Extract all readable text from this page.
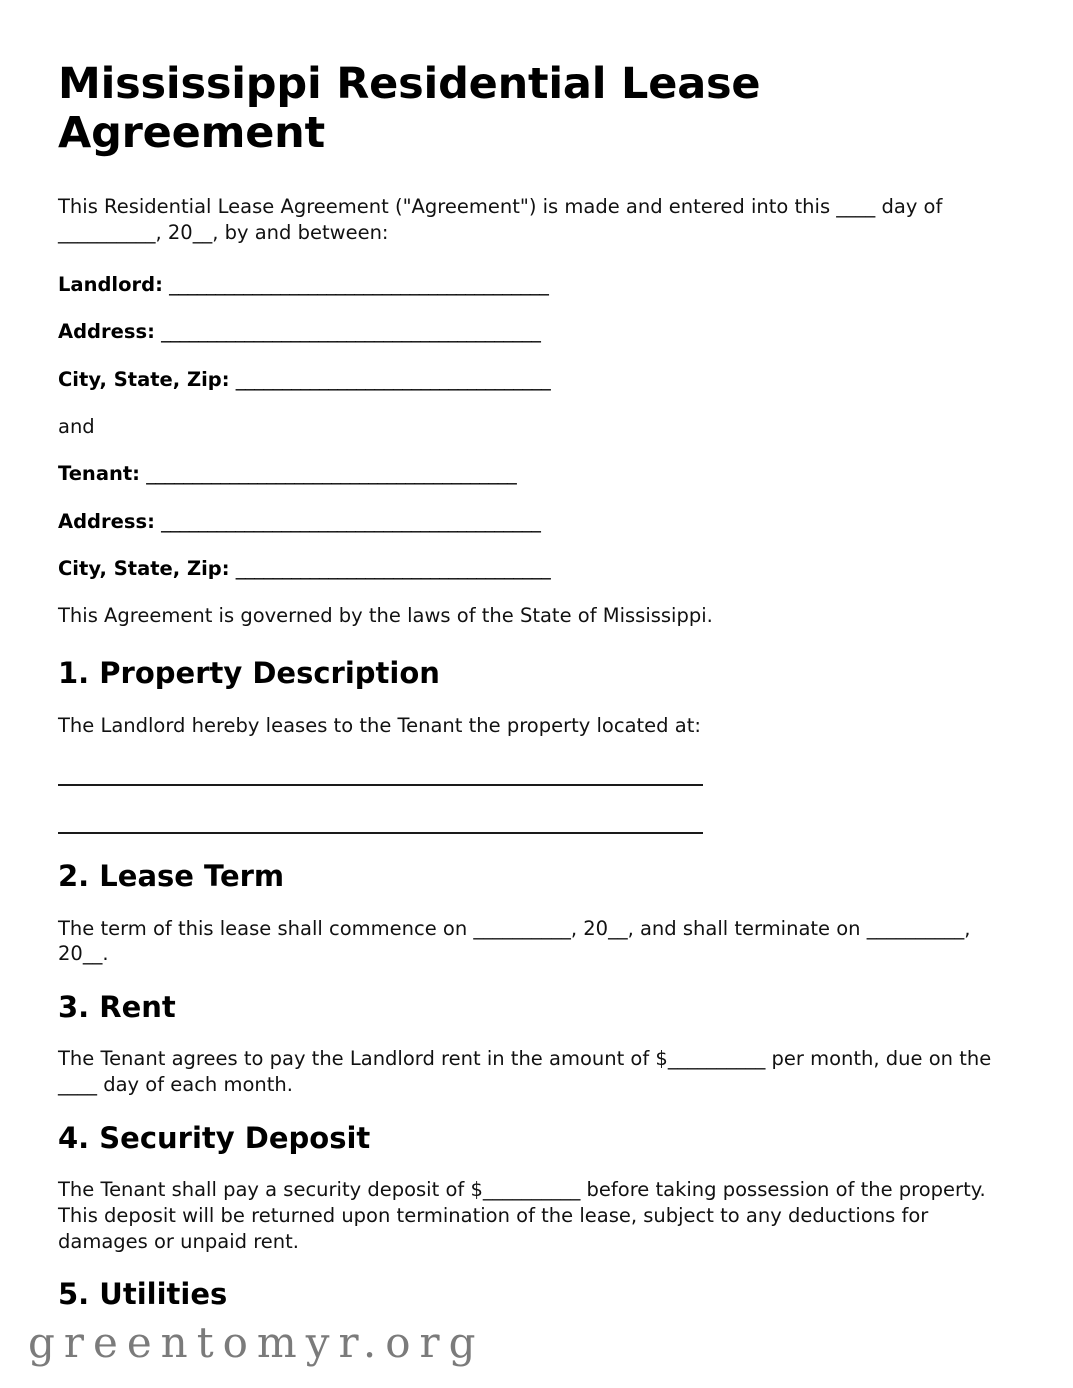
Mississippi Residential Lease Agreement

This Residential Lease Agreement ("Agreement") is made and entered into this ____ day of __________, 20__, by and between:

Landlord: _________________________________________
Address: _________________________________________
City, State, Zip: __________________________________

and

Tenant: ________________________________________
Address: _________________________________________
City, State, Zip: __________________________________

This Agreement is governed by the laws of the State of Mississippi.

1. Property Description

The Landlord hereby leases to the Tenant the property located at:

2. Lease Term

The term of this lease shall commence on __________, 20__, and shall terminate on __________, 20__.

3. Rent

The Tenant agrees to pay the Landlord rent in the amount of $__________ per month, due on the ____ day of each month.

4. Security Deposit

The Tenant shall pay a security deposit of $__________ before taking possession of the property. This deposit will be returned upon termination of the lease, subject to any deductions for damages or unpaid rent.

5. Utilities
greentomyr.org
